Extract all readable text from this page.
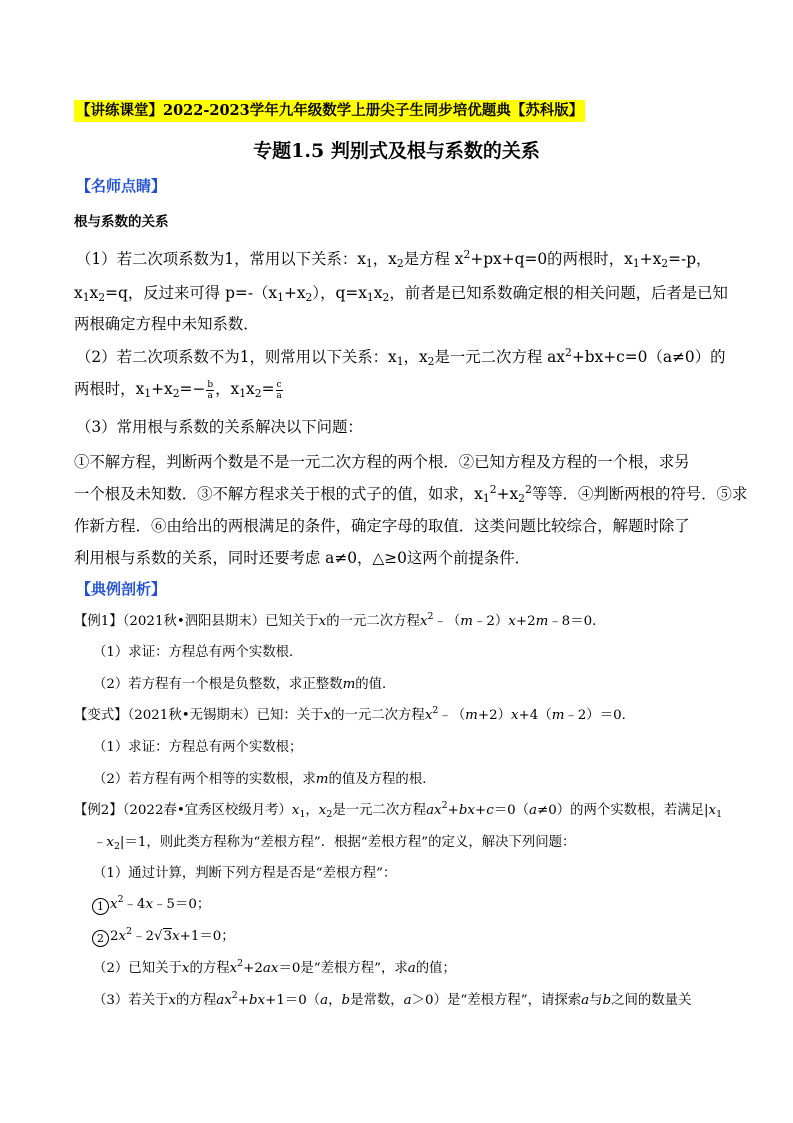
【讲练课堂】2022-2023学年九年级数学上册尖子生同步培优题典【苏科版】
专题1.5 判别式及根与系数的关系
【名师点睛】
根与系数的关系
（1）若二次项系数为1，常用以下关系：$x_1$，$x_2$是方程 $x^2+px+q=0$的两根时，$x_1+x_2=-p$，
$x_1x_2=q$，反过来可得 $p=-(x_1+x_2)$，$q=x_1x_2$，前者是已知系数确定根的相关问题，后者是已知
两根确定方程中未知系数．
（2）若二次项系数不为1，则常用以下关系：$x_1$，$x_2$是一元二次方程 $ax^2+bx+c=0(a\ne 0)$的
两根时，$x_1+x_2=- \frac{b}{a}$ ，$x_1x_2= \frac{c}{a}$
（3）常用根与系数的关系解决以下问题：
①不解方程，判断两个数是不是一元二次方程的两个根．②已知方程及方程的一个根，求另
一个根及未知数．③不解方程求关于根的式子的值，如求，$x_1^2+x_2^2$等等．④判断两根的符号．⑤求
作新方程．⑥由给出的两根满足的条件，确定字母的取值．这类问题比较综合，解题时除了
利用根与系数的关系，同时还要考虑 a≠0，△≥0这两个前提条件．
【典例剖析】
【例1】（2021秋•泗阳县期末）已知关于x的一元二次方程$x^2﹣(m﹣2)x+2m﹣8=0$．
（1）求证：方程总有两个实数根．
（2）若方程有一个根是负整数，求正整数m的值．
【变式】（2021秋•无锡期末）已知：关于x的一元二次方程$x^2﹣(m+2)x+4(m﹣2)=0$．
（1）求证：方程总有两个实数根；
（2）若方程有两个相等的实数根，求m的值及方程的根．
【例2】（2022春•宜秀区校级月考）$x_1$，$x_2$是一元二次方程$ax^2+bx+c=0(a\ne 0)$的两个实数根，若满足$|x_1$
$﹣x_2|=1$，则此类方程称为“差根方程”．根据“差根方程”的定义，解决下列问题：
（1）通过计算，判断下列方程是否是“差根方程”：
1 $x^2﹣4x﹣5=0$；
2 $2x^2﹣2√3x+1=0$；
（2）已知关于x的方程$x^2+2ax=0$是“差根方程”，求a的值；
（3）若关于x的方程$ax^2+bx+1=0(a$，b是常数，a＞0）是“差根方程”，请探索a与b之间的数量关
